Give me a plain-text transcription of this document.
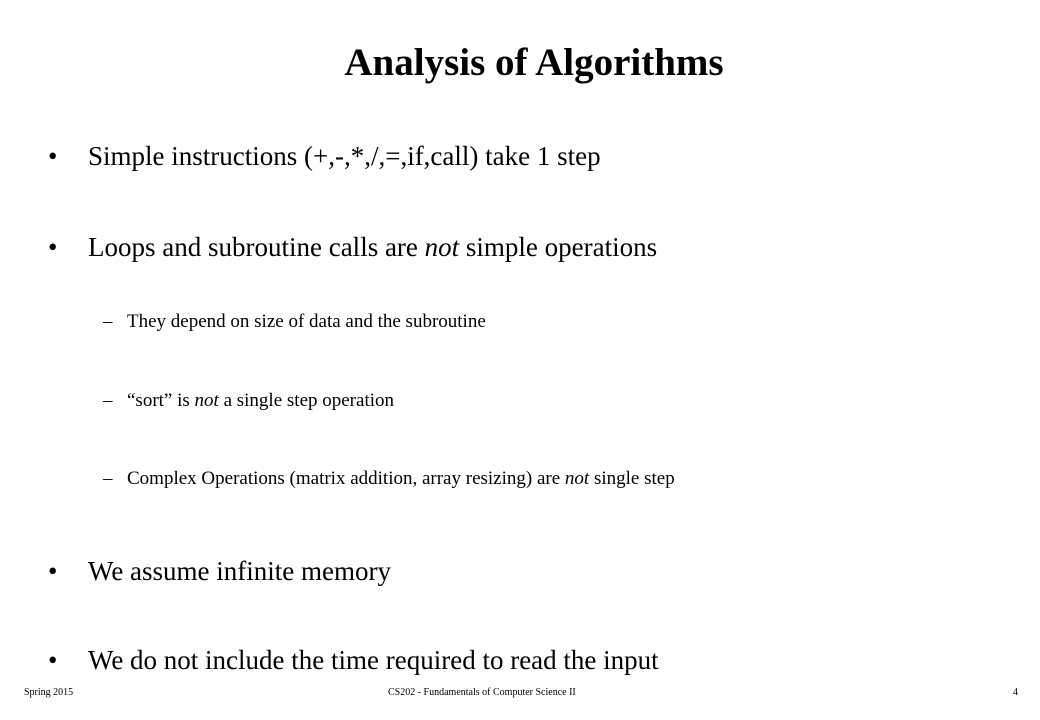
Analysis of Algorithms
• Simple instructions (+,-,*,/,=,if,call) take 1 step
• Loops and subroutine calls are not simple operations
– They depend on size of data and the subroutine
– “sort” is not a single step operation
– Complex Operations (matrix addition, array resizing) are not single step
• We assume infinite memory
• We do not include the time required to read the input
Spring 2015	CS202 - Fundamentals of Computer Science II	4
